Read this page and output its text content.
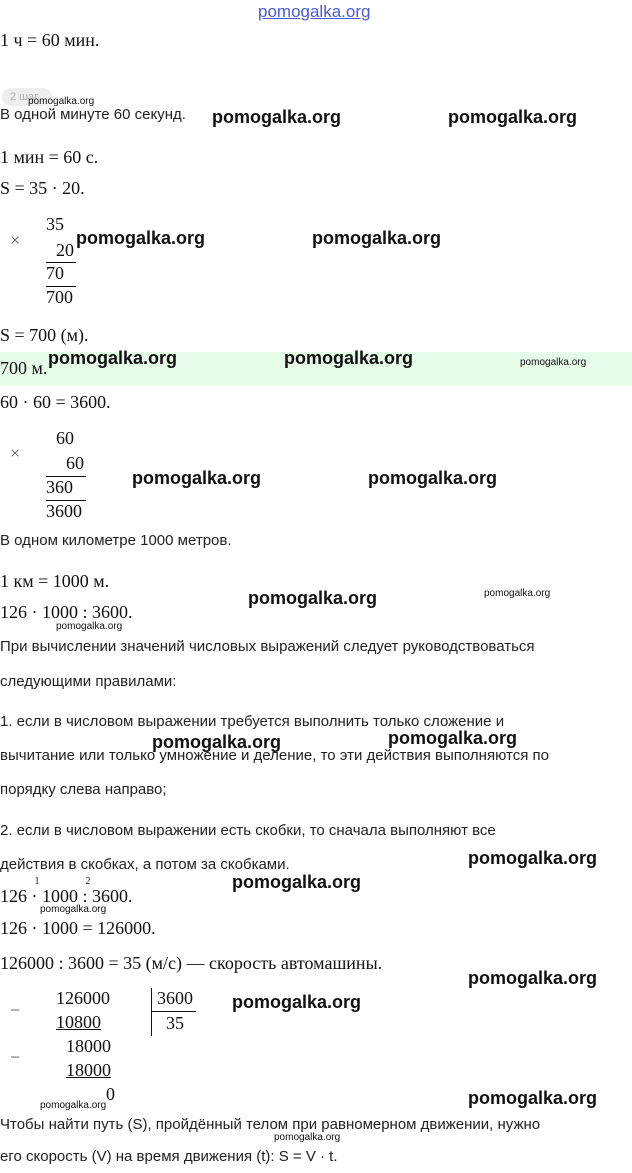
pomogalka.org
1 ч = 60 мин.
2 шаг
pomogalka.org
В одной минуте 60 секунд. pomogalka.org	pomogalka.org
1 мин = 60 с.
S = 35 · 20.
×
35
20
70
700
pomogalka.org	pomogalka.org
S = 700 (м).
700 м. pomogalka.org	pomogalka.org	pomogalka.org
60 · 60 = 3600.
×
60
60
360
3600
pomogalka.org	pomogalka.org
В одном километре 1000 метров.
1 км = 1000 м.
126 · 1000 : 3600.
pomogalka.org	pomogalka.org
pomogalka.org
При вычислении значений числовых выражений следует руководствоваться
следующими правилами:
1. если в числовом выражении требуется выполнить только сложение и
вычитание или только умножение и деление, то эти действия выполняются по
порядку слева направо;
pomogalka.org	pomogalka.org
2. если в числовом выражении есть скобки, то сначала выполняют все
действия в скобках, а потом за скобками.	pomogalka.org
126
1
· 1000
2
: 3600.
pomogalka.org
pomogalka.org
126 · 1000 = 126000.
126000 : 3600 = 35 (м/с) — скорость автомашины.
pomogalka.org
−
126000
10800
−
18000
18000
0
3600
35
pomogalka.org
pomogalka.org
pomogalka.org
Чтобы найти путь (S), пройдённый телом при равномерном движении, нужно
pomogalka.org
его скорость (V) на время движения (t): S = V · t.
